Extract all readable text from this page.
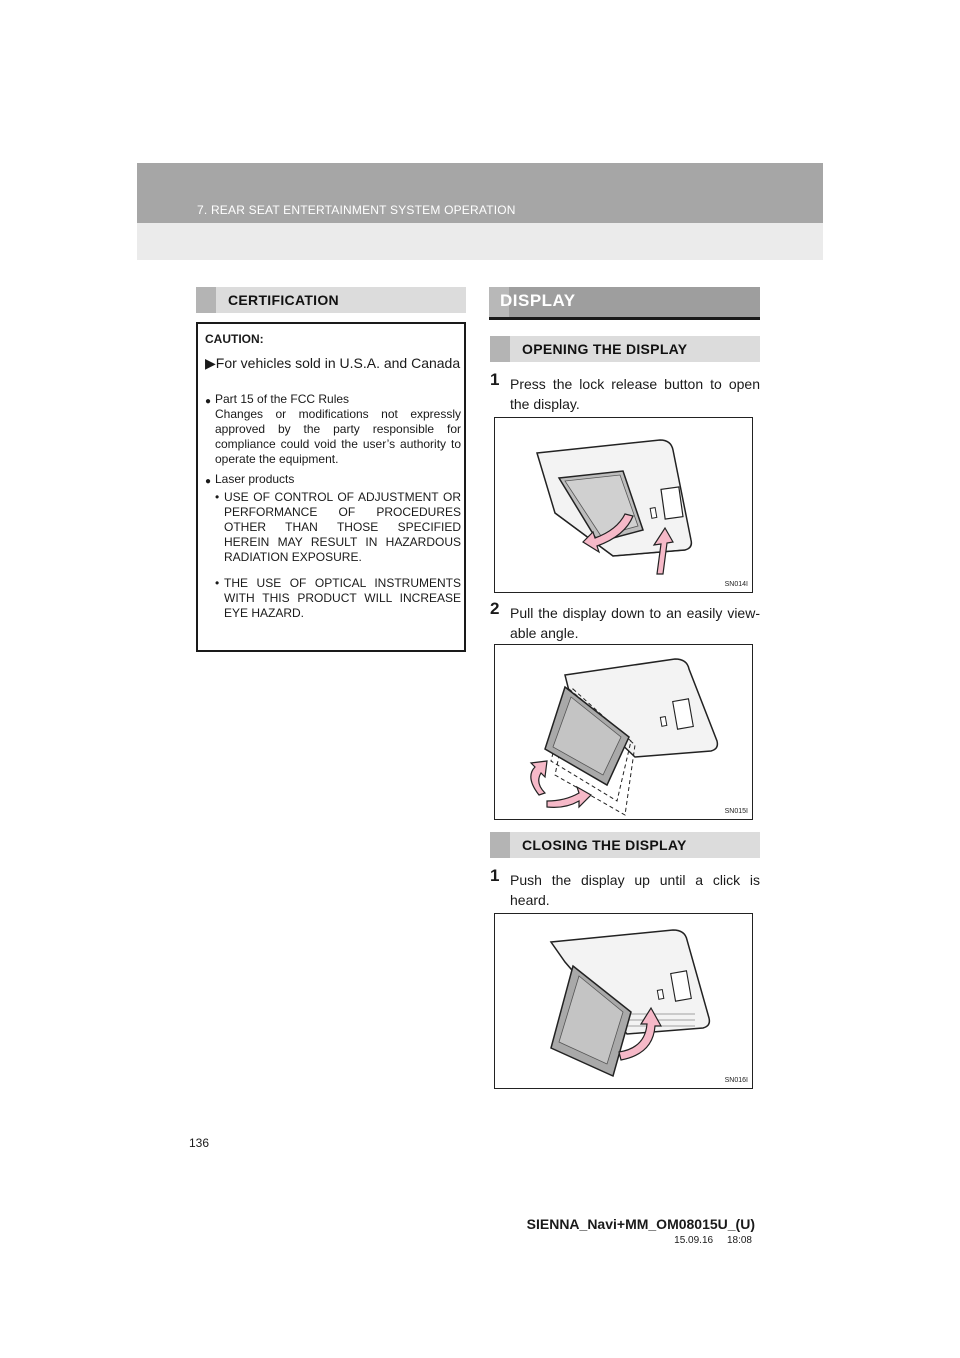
7. REAR SEAT ENTERTAINMENT SYSTEM OPERATION
CERTIFICATION
CAUTION:
▶For vehicles sold in U.S.A. and Canada
● Part 15 of the FCC Rules
Changes or modifications not expressly approved by the party responsible for compliance could void the user’s authority to operate the equipment.
● Laser products
• USE OF CONTROL OF ADJUSTMENT OR PERFORMANCE OF PROCEDURES OTHER THAN THOSE SPECIFIED HEREIN MAY RESULT IN HAZARDOUS RADIATION EXPOSURE.
• THE USE OF OPTICAL INSTRUMENTS WITH THIS PRODUCT WILL INCREASE EYE HAZARD.
DISPLAY
OPENING THE DISPLAY
1 Press the lock release button to open the display.
SN014I
2 Pull the display down to an easily view-able angle.
SN015I
CLOSING THE DISPLAY
1 Push the display up until a click is heard.
SN016I
136
SIENNA_Navi+MM_OM08015U_(U)
15.09.16     18:08
